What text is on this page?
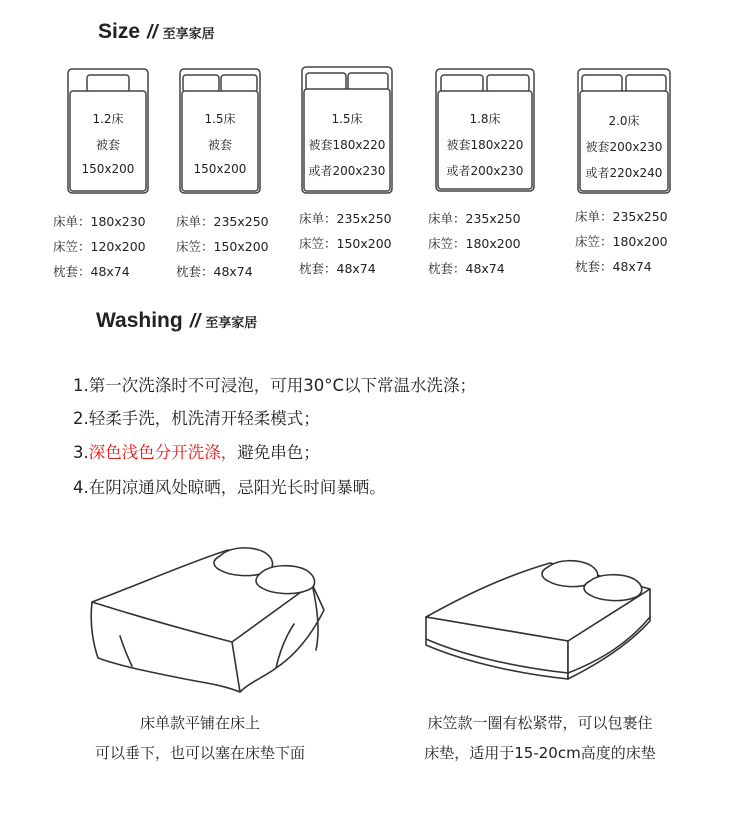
Size // 至享家居
1.2床
被套
150x200
1.5床
被套
150x200
1.5床
被套180x220
或者200x230
1.8床
被套180x220
或者200x230
2.0床
被套200x230
或者220x240
床单：180x230
床笠：120x200
枕套：48x74
床单：235x250
床笠：150x200
枕套：48x74
床单：235x250
床笠：150x200
枕套：48x74
床单：235x250
床笠：180x200
枕套：48x74
床单：235x250
床笠：180x200
枕套：48x74
Washing // 至享家居
1.第一次洗涤时不可浸泡，可用30°C以下常温水洗涤；
2.轻柔手洗，机洗清开轻柔模式；
3.深色浅色分开洗涤，避免串色；
4.在阴凉通风处晾晒，忌阳光长时间暴晒。
床单款平铺在床上
可以垂下，也可以塞在床垫下面
床笠款一圈有松紧带，可以包裹住
床垫，适用于15-20cm高度的床垫
